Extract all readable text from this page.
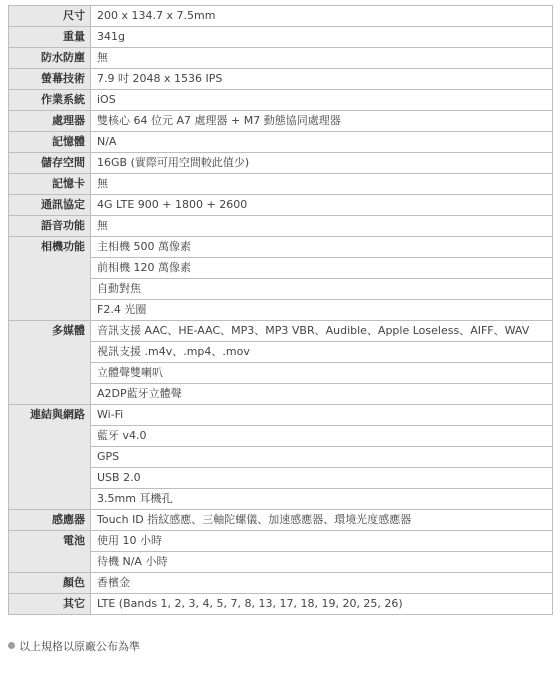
尺寸	200 x 134.7 x 7.5mm
重量	341g
防水防塵	無
螢幕技術	7.9 吋 2048 x 1536 IPS
作業系統	iOS
處理器	雙核心 64 位元 A7 處理器 + M7 動態協同處理器
記憶體	N/A
儲存空間	16GB (實際可用空間較此值少)
記憶卡	無
通訊協定	4G LTE 900 + 1800 + 2600
語音功能	無
相機功能	主相機 500 萬像素
	前相機 120 萬像素
	自動對焦
	F2.4 光圈
多媒體	音訊支援 AAC、HE-AAC、MP3、MP3 VBR、Audible、Apple Loseless、AIFF、WAV
	視訊支援 .m4v、.mp4、.mov
	立體聲雙喇叭
	A2DP藍牙立體聲
連結與網路	Wi-Fi
	藍牙 v4.0
	GPS
	USB 2.0
	3.5mm 耳機孔
感應器	Touch ID 指紋感應、三軸陀螺儀、加速感應器、環境光度感應器
電池	使用 10 小時
	待機 N/A 小時
顏色	香檳金
其它	LTE (Bands 1, 2, 3, 4, 5, 7, 8, 13, 17, 18, 19, 20, 25, 26)
以上規格以原廠公布為準
